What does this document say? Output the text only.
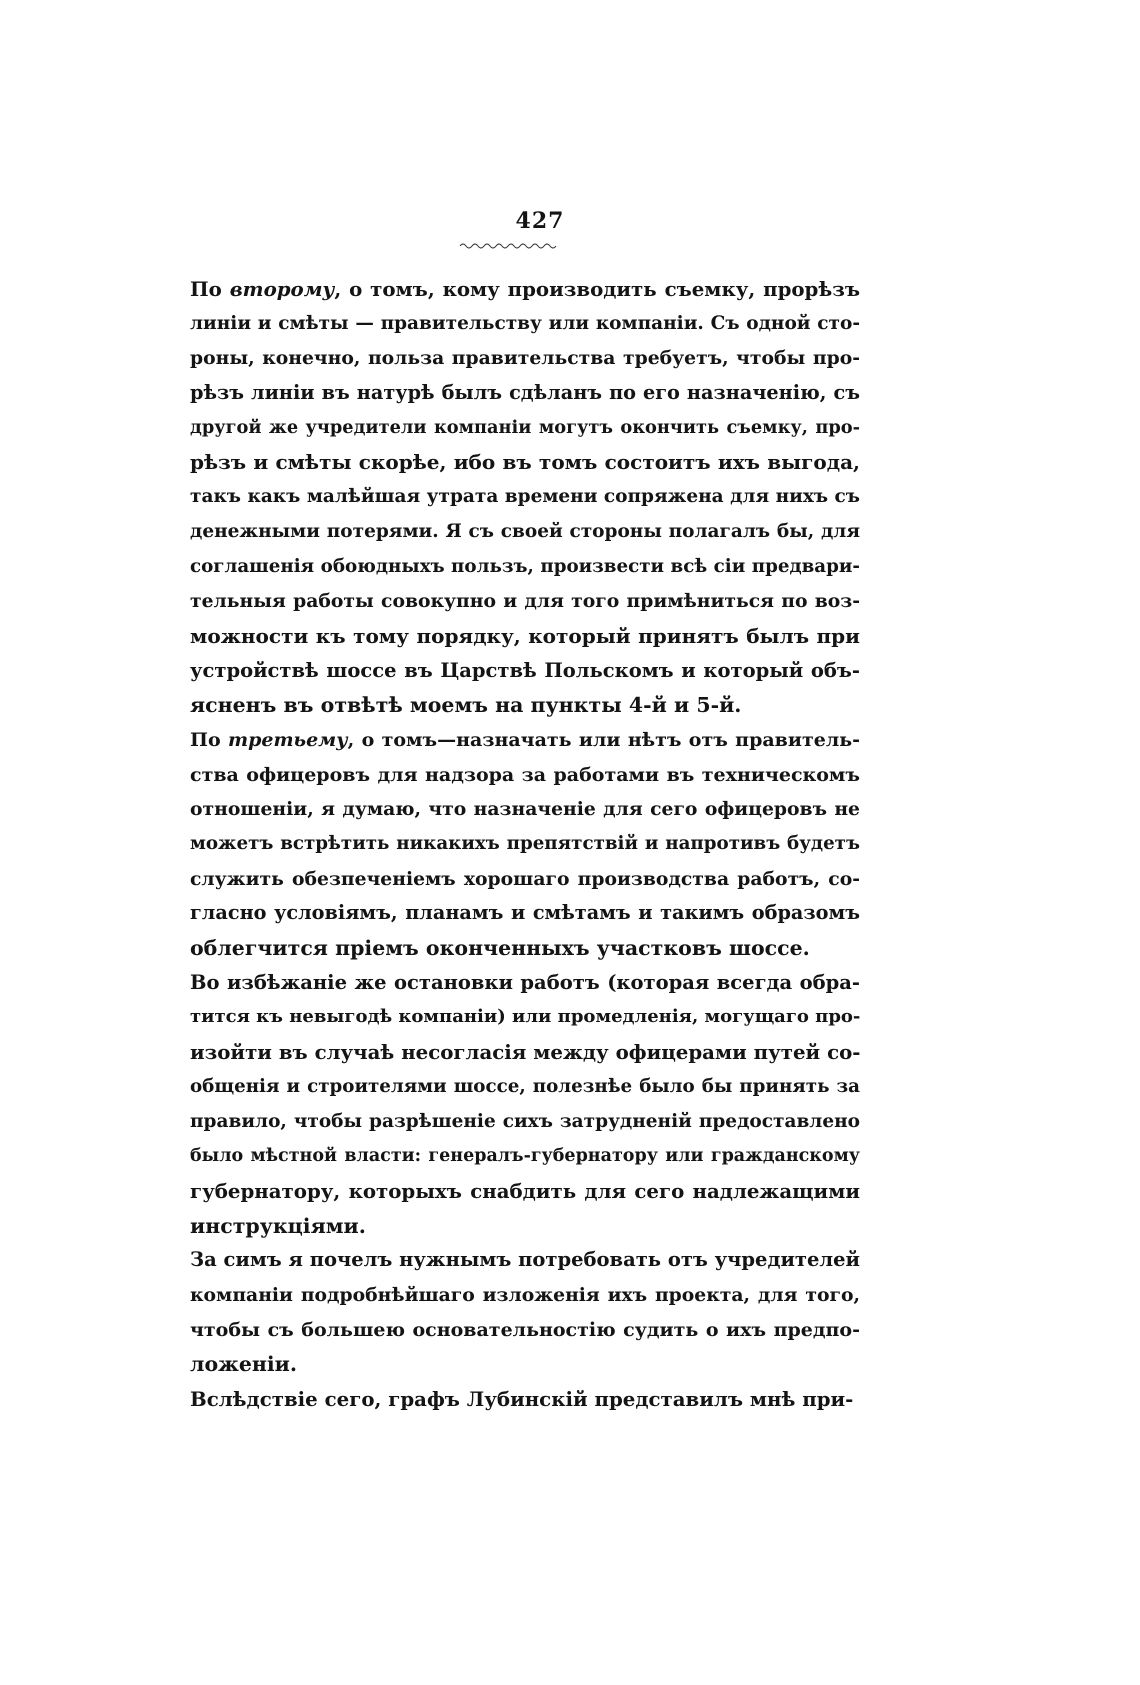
427
По второму, о томъ, кому производить съемку, прорѣзъ
линіи и смѣты — правительству или компаніи. Съ одной сто-
роны, конечно, польза правительства требуетъ, чтобы про-
рѣзъ линіи въ натурѣ былъ сдѣланъ по его назначенію, съ
другой же учредители компаніи могутъ окончить съемку, про-
рѣзъ и смѣты скорѣе, ибо въ томъ состоитъ ихъ выгода,
такъ какъ малѣйшая утрата времени сопряжена для нихъ съ
денежными потерями. Я съ своей стороны полагалъ бы, для
соглашенія обоюдныхъ пользъ, произвести всѣ сіи предвари-
тельныя работы совокупно и для того примѣниться по воз-
можности къ тому порядку, который принятъ былъ при
устройствѣ шоссе въ Царствѣ Польскомъ и который объ-
ясненъ въ отвѣтѣ моемъ на пункты 4-й и 5-й.
По третьему, о томъ—назначать или нѣтъ отъ правитель-
ства офицеровъ для надзора за работами въ техническомъ
отношеніи, я думаю, что назначеніе для сего офицеровъ не
можетъ встрѣтить никакихъ препятствій и напротивъ будетъ
служить обезпеченіемъ хорошаго производства работъ, со-
гласно условіямъ, планамъ и смѣтамъ и такимъ образомъ
облегчится пріемъ оконченныхъ участковъ шоссе.
Во избѣжаніе же остановки работъ (которая всегда обра-
тится къ невыгодѣ компаніи) или промедленія, могущаго про-
изойти въ случаѣ несогласія между офицерами путей со-
общенія и строителями шоссе, полезнѣе было бы принять за
правило, чтобы разрѣшеніе сихъ затрудненій предоставлено
было мѣстной власти: генералъ-губернатору или гражданскому
губернатору, которыхъ снабдить для сего надлежащими
инструкціями.
За симъ я почелъ нужнымъ потребовать отъ учредителей
компаніи подробнѣйшаго изложенія ихъ проекта, для того,
чтобы съ большею основательностію судить о ихъ предпо-
ложеніи.
Вслѣдствіе сего, графъ Лубинскій представилъ мнѣ при-
